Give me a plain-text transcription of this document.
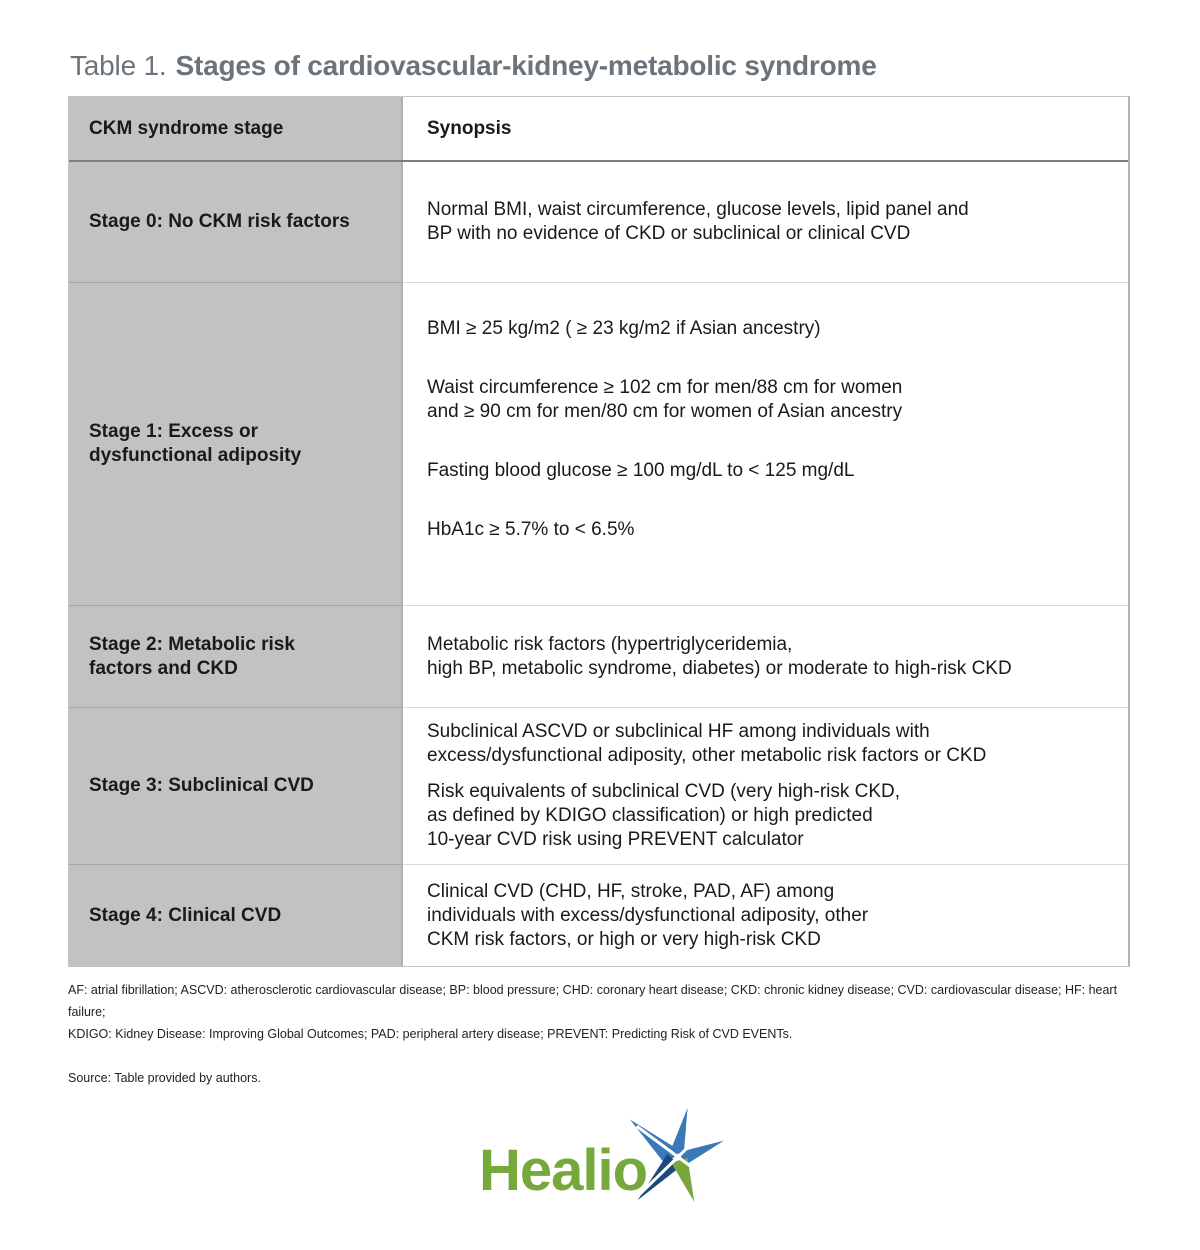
Table 1. Stages of cardiovascular-kidney-metabolic syndrome
CKM syndrome stage	Synopsis

Stage 0: No CKM risk factors

Normal BMI, waist circumference, glucose levels, lipid panel and
BP with no evidence of CKD or subclinical or clinical CVD

Stage 1: Excess or
dysfunctional adiposity

BMI ≥ 25 kg/m2 ( ≥ 23 kg/m2 if Asian ancestry)

Waist circumference ≥ 102 cm for men/88 cm for women
and ≥ 90 cm for men/80 cm for women of Asian ancestry

Fasting blood glucose ≥ 100 mg/dL to < 125 mg/dL

HbA1c ≥ 5.7% to < 6.5%

Stage 2: Metabolic risk
factors and CKD

Metabolic risk factors (hypertriglyceridemia,
high BP, metabolic syndrome, diabetes) or moderate to high-risk CKD

Stage 3: Subclinical CVD

Subclinical ASCVD or subclinical HF among individuals with
excess/dysfunctional adiposity, other metabolic risk factors or CKD

Risk equivalents of subclinical CVD (very high-risk CKD,
as defined by KDIGO classification) or high predicted
10-year CVD risk using PREVENT calculator

Stage 4: Clinical CVD

Clinical CVD (CHD, HF, stroke, PAD, AF) among
individuals with excess/dysfunctional adiposity, other
CKM risk factors, or high or very high-risk CKD

AF: atrial fibrillation; ASCVD: atherosclerotic cardiovascular disease; BP: blood pressure; CHD: coronary heart disease; CKD: chronic kidney disease; CVD: cardiovascular disease; HF: heart failure;
KDIGO: Kidney Disease: Improving Global Outcomes; PAD: peripheral artery disease; PREVENT: Predicting Risk of CVD EVENTs.
Source: Table provided by authors.
Healio
